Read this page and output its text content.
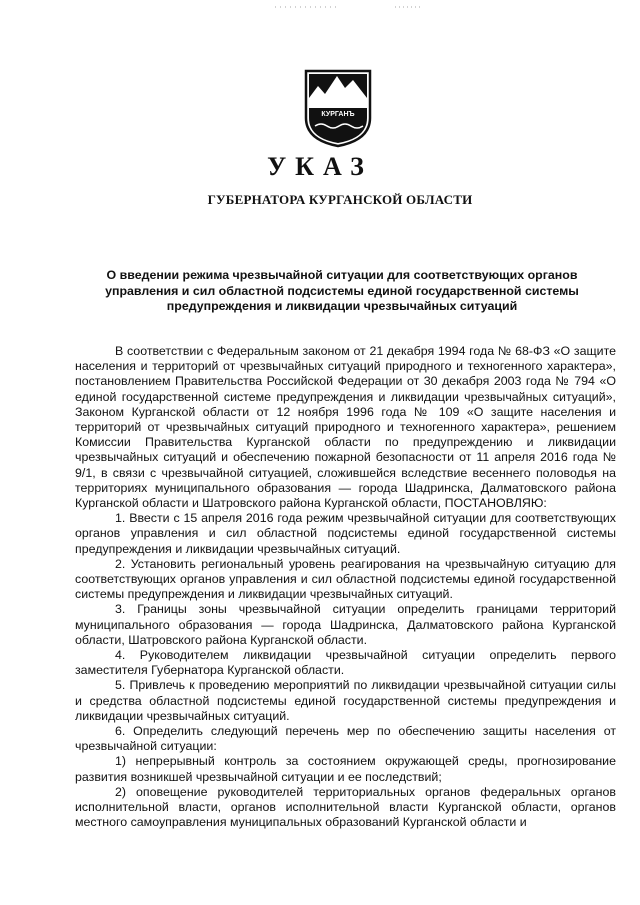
КУРГАНЪ
УКАЗ
ГУБЕРНАТОРА КУРГАНСКОЙ ОБЛАСТИ
О введении режима чрезвычайной ситуации для соответствующих органов управления и сил областной подсистемы единой государственной системы предупреждения и ликвидации чрезвычайных ситуаций

В соответствии с Федеральным законом от 21 декабря 1994 года № 68-ФЗ «О защите населения и территорий от чрезвычайных ситуаций природного и техногенного характера», постановлением Правительства Российской Федерации от 30 декабря 2003 года № 794 «О единой государственной системе предупреждения и ликвидации чрезвычайных ситуаций», Законом Курганской области от 12 ноября 1996 года № 109 «О защите населения и территорий от чрезвычайных ситуаций природного и техногенного характера», решением Комиссии Правительства Курганской области по предупреждению и ликвидации чрезвычайных ситуаций и обеспечению пожарной безопасности от 11 апреля 2016 года № 9/1, в связи с чрезвычайной ситуацией, сложившейся вследствие весеннего половодья на территориях муниципального образования — города Шадринска, Далматовского района Курганской области и Шатровского района Курганской области, ПОСТАНОВЛЯЮ:

1. Ввести с 15 апреля 2016 года режим чрезвычайной ситуации для соответствующих органов управления и сил областной подсистемы единой государственной системы предупреждения и ликвидации чрезвычайных ситуаций.

2. Установить региональный уровень реагирования на чрезвычайную ситуацию для соответствующих органов управления и сил областной подсистемы единой государственной системы предупреждения и ликвидации чрезвычайных ситуаций.

3. Границы зоны чрезвычайной ситуации определить границами территорий муниципального образования — города Шадринска, Далматовского района Курганской области, Шатровского района Курганской области.

4. Руководителем ликвидации чрезвычайной ситуации определить первого заместителя Губернатора Курганской области.

5. Привлечь к проведению мероприятий по ликвидации чрезвычайной ситуации силы и средства областной подсистемы единой государственной системы предупреждения и ликвидации чрезвычайных ситуаций.

6. Определить следующий перечень мер по обеспечению защиты населения от чрезвычайной ситуации:

1) непрерывный контроль за состоянием окружающей среды, прогнозирование развития возникшей чрезвычайной ситуации и ее последствий;

2) оповещение руководителей территориальных органов федеральных органов исполнительной власти, органов исполнительной власти Курганской области, органов местного самоуправления муниципальных образований Курганской области и
